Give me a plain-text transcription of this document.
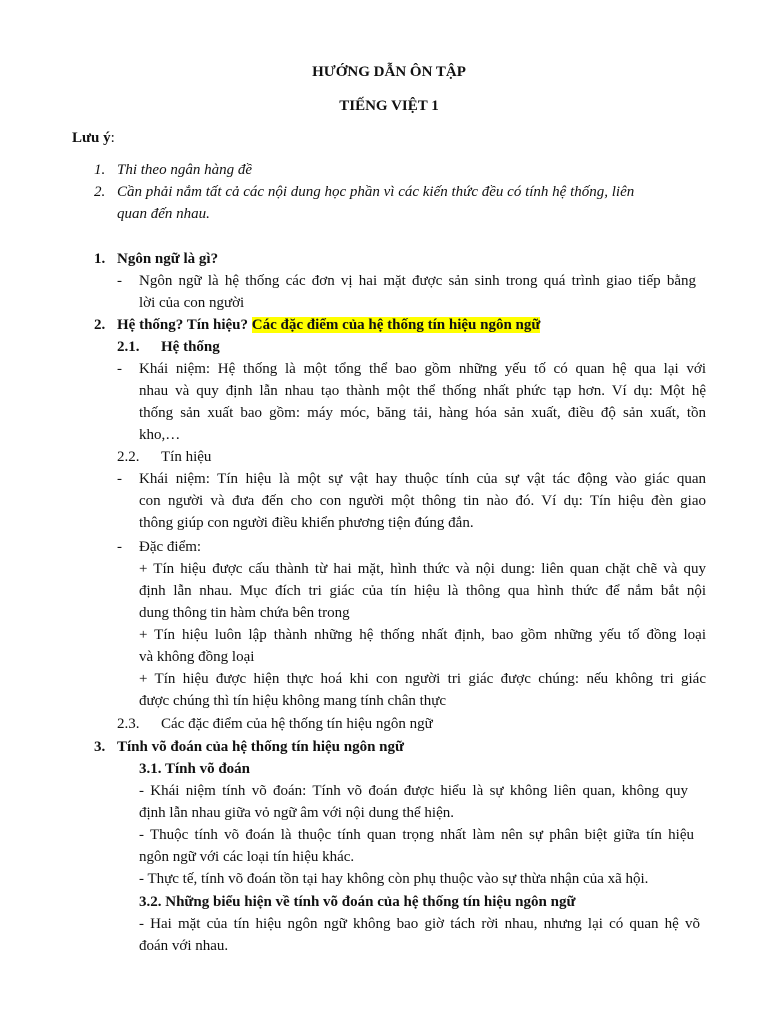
HƯỚNG DẪN ÔN TẬP
TIẾNG VIỆT 1
Lưu ý:
1. Thi theo ngân hàng đề
2. Cần phải nắm tất cả các nội dung học phần vì các kiến thức đều có tính hệ thống, liên
quan đến nhau.
1. Ngôn ngữ là gì?
- Ngôn ngữ là hệ thống các đơn vị hai mặt được sản sinh trong quá trình giao tiếp bằng
lời của con người
2. Hệ thống? Tín hiệu? Các đặc điểm của hệ thống tín hiệu ngôn ngữ
2.1. Hệ thống
- Khái niệm: Hệ thống là một tổng thể bao gồm những yếu tố có quan hệ qua lại với
nhau và quy định lẫn nhau tạo thành một thể thống nhất phức tạp hơn. Ví dụ: Một hệ
thống sản xuất bao gồm: máy móc, băng tải, hàng hóa sản xuất, điều độ sản xuất, tồn
kho,…
2.2. Tín hiệu
- Khái niệm: Tín hiệu là một sự vật hay thuộc tính của sự vật tác động vào giác quan
con người và đưa đến cho con người một thông tin nào đó. Ví dụ: Tín hiệu đèn giao
thông giúp con người điều khiển phương tiện đúng đắn.
- Đặc điểm:
+ Tín hiệu được cấu thành từ hai mặt, hình thức và nội dung: liên quan chặt chẽ và quy
định lẫn nhau. Mục đích tri giác của tín hiệu là thông qua hình thức để nắm bắt nội
dung thông tin hàm chứa bên trong
+ Tín hiệu luôn lập thành những hệ thống nhất định, bao gồm những yếu tố đồng loại
và không đồng loại
+ Tín hiệu được hiện thực hoá khi con người tri giác được chúng: nếu không tri giác
được chúng thì tín hiệu không mang tính chân thực
2.3. Các đặc điểm của hệ thống tín hiệu ngôn ngữ
3. Tính võ đoán của hệ thống tín hiệu ngôn ngữ
3.1. Tính võ đoán
- Khái niệm tính võ đoán: Tính võ đoán được hiểu là sự không liên quan, không quy
định lẫn nhau giữa vỏ ngữ âm với nội dung thể hiện.
- Thuộc tính võ đoán là thuộc tính quan trọng nhất làm nên sự phân biệt giữa tín hiệu
ngôn ngữ với các loại tín hiệu khác.
- Thực tế, tính võ đoán tồn tại hay không còn phụ thuộc vào sự thừa nhận của xã hội.
3.2. Những biểu hiện về tính võ đoán của hệ thống tín hiệu ngôn ngữ
- Hai mặt của tín hiệu ngôn ngữ không bao giờ tách rời nhau, nhưng lại có quan hệ võ
đoán với nhau.
